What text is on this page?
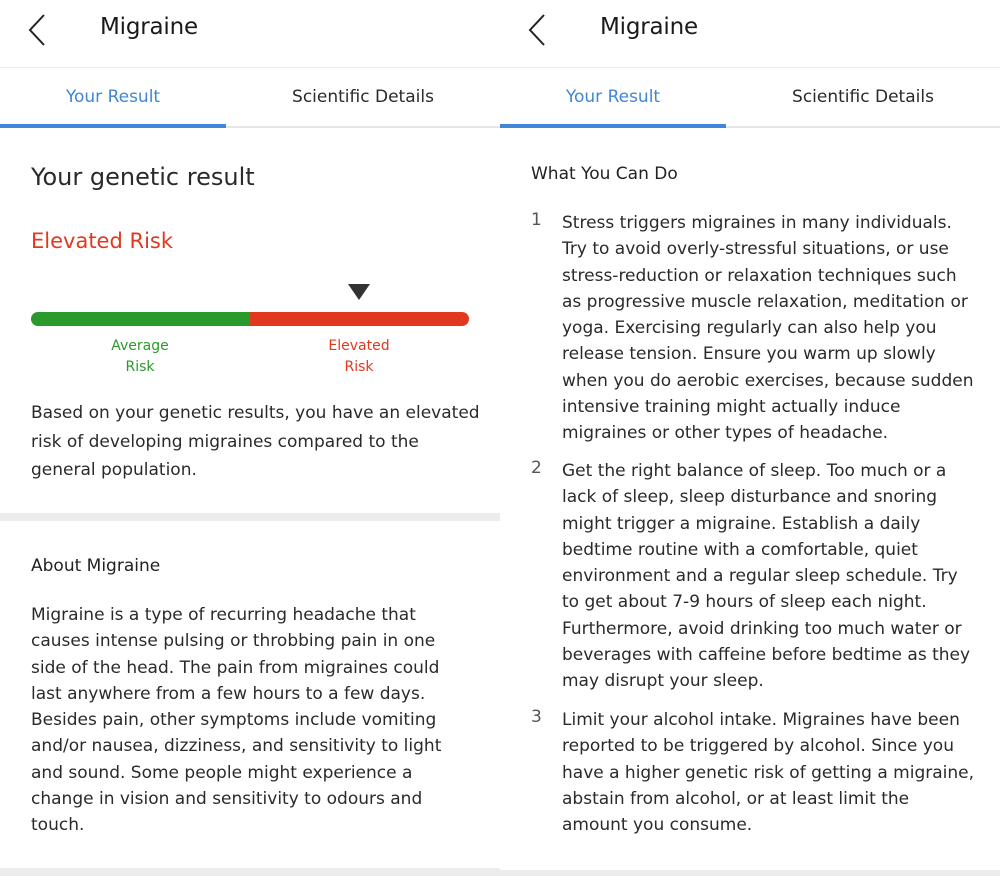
Migraine
Your Result	Scientific Details
Your genetic result
Elevated Risk
Average
Risk
Elevated
Risk
Based on your genetic results, you have an elevated risk of developing migraines compared to the general population.
About Migraine
Migraine is a type of recurring headache that causes intense pulsing or throbbing pain in one side of the head. The pain from migraines could last anywhere from a few hours to a few days. Besides pain, other symptoms include vomiting and/or nausea, dizziness, and sensitivity to light and sound. Some people might experience a change in vision and sensitivity to odours and touch.
Migraine
Your Result	Scientific Details
What You Can Do
1	Stress triggers migraines in many individuals. Try to avoid overly-stressful situations, or use stress-reduction or relaxation techniques such as progressive muscle relaxation, meditation or yoga. Exercising regularly can also help you release tension. Ensure you warm up slowly when you do aerobic exercises, because sudden intensive training might actually induce migraines or other types of headache.
2	Get the right balance of sleep. Too much or a lack of sleep, sleep disturbance and snoring might trigger a migraine. Establish a daily bedtime routine with a comfortable, quiet environment and a regular sleep schedule. Try to get about 7-9 hours of sleep each night. Furthermore, avoid drinking too much water or beverages with caffeine before bedtime as they may disrupt your sleep.
3	Limit your alcohol intake. Migraines have been reported to be triggered by alcohol. Since you have a higher genetic risk of getting a migraine, abstain from alcohol, or at least limit the amount you consume.
